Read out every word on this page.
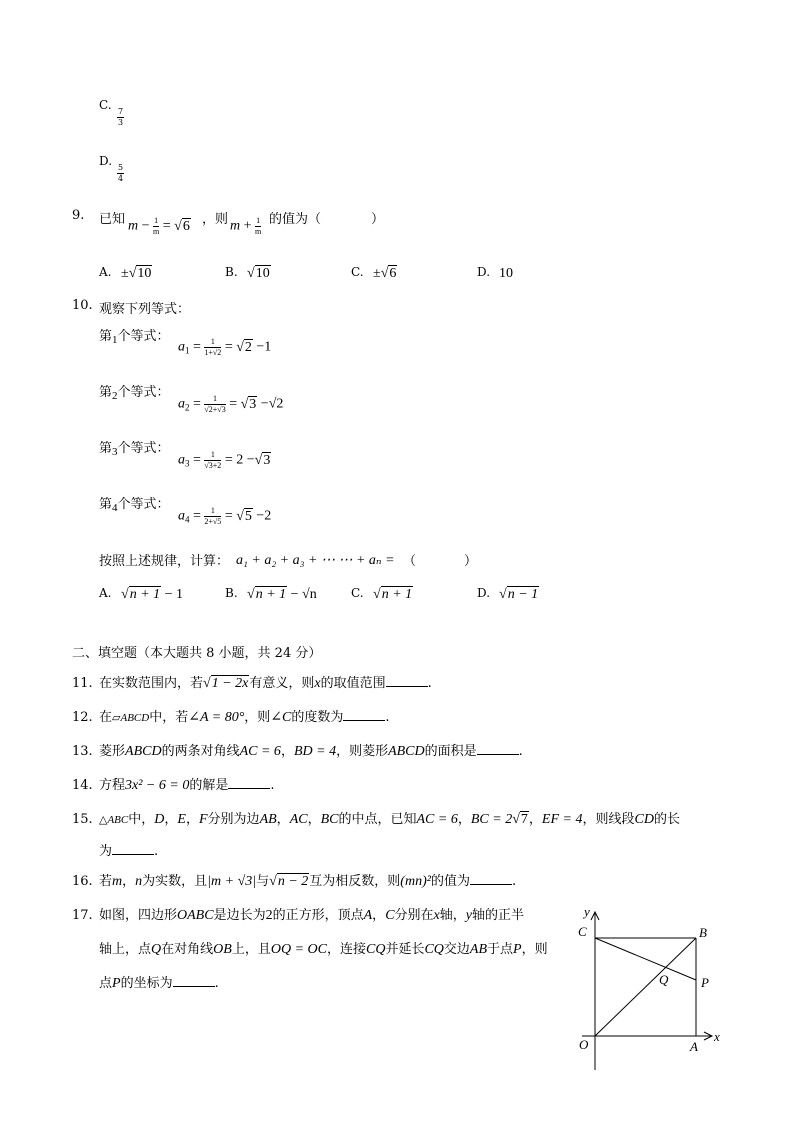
C.
$\frac{7}{3}$
D.
$\frac{5}{4}$
9. 已知 $m - \frac{1}{m} = √6$ ，则 $m + \frac{1}{m}$ 的值为（	）
A. ±√10	B. √10	C. ±√6	D. 10
10. 观察下列等式：
第$_1$个等式：
$a_1 = \frac{1}{1+√2} = √2 -1$
第$_2$个等式：
$a_2 = \frac{1}{√2+√3} = √3 -√2$
第$_3$个等式：
$a_3 = \frac{1}{√3+2} = 2 -√3$
第$_4$个等式：
$a_4 = \frac{1}{2+√5} = √5 -2$
按照上述规律，计算： a₁ + a₂ + a₃ + ⋯ ⋯ + aₙ = （	）
A. √n + 1 − 1	B. √n + 1 − √n	C. √n + 1	D. √n − 1
二、填空题（本大题共 8 小题，共 24 分）
11. 在实数范围内，若√1 − 2x有意义，则x的取值范围	.
12. 在▱ABCD中，若∠A = 80°，则∠C的度数为	.
13. 菱形ABCD的两条对角线AC = 6，BD = 4，则菱形ABCD的面积是	.
14. 方程3x² − 6 = 0的解是	.
15. △ABC中，D，E，F分别为边AB，AC，BC的中点，已知AC = 6，BC = 2√7，EF = 4，则线段CD的长
为	.
16. 若m，n为实数，且|m + √3|与√n − 2互为相反数，则(mn)²的值为	.
17. 如图，四边形OABC是边长为2的正方形，顶点A，C分别在x轴，y轴的正半
轴上，点Q在对角线OB上，且OQ = OC，连接CQ并延长CQ交边AB于点P，则
点P的坐标为	.
y
x
C	B
Q	P
O	A
